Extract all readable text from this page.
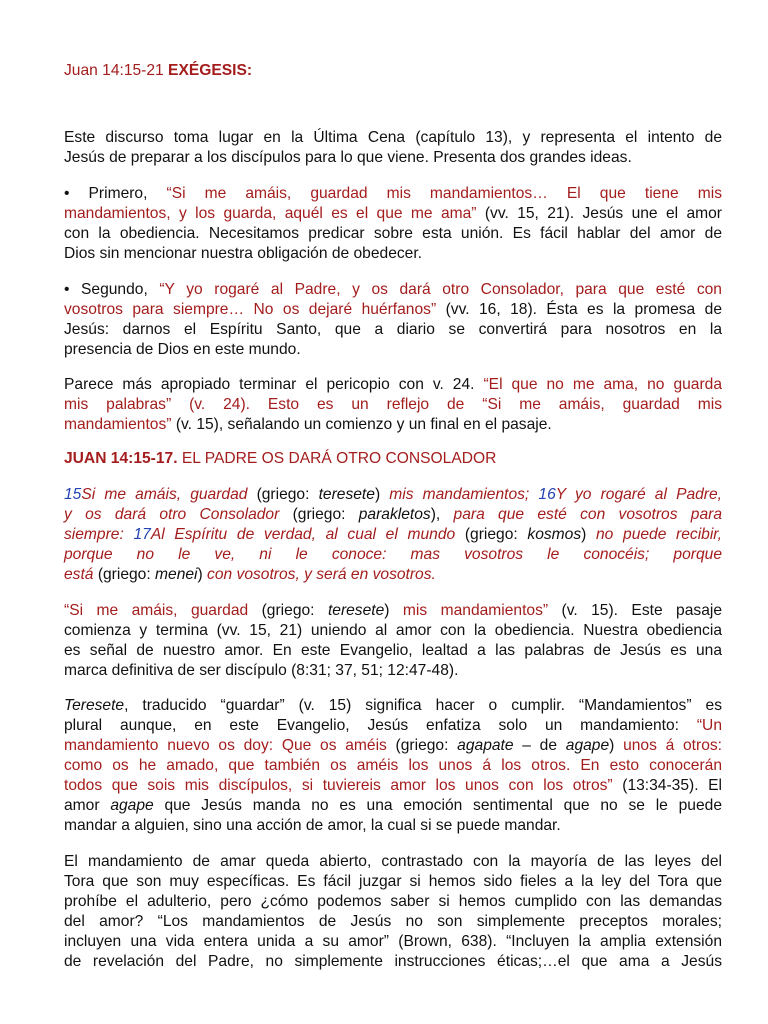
Juan 14:15-21 EXÉGESIS:

Este discurso toma lugar en la Última Cena (capítulo 13), y representa el intento de

Jesús de preparar a los discípulos para lo que viene. Presenta dos grandes ideas.

• Primero, “Si me amáis, guardad mis mandamientos… El que tiene mis

mandamientos, y los guarda, aquél es el que me ama” (vv. 15, 21). Jesús une el amor

con la obediencia. Necesitamos predicar sobre esta unión. Es fácil hablar del amor de

Dios sin mencionar nuestra obligación de obedecer.

• Segundo, “Y yo rogaré al Padre, y os dará otro Consolador, para que esté con

vosotros para siempre… No os dejaré huérfanos” (vv. 16, 18). Ésta es la promesa de

Jesús: darnos el Espíritu Santo, que a diario se convertirá para nosotros en la

presencia de Dios en este mundo.

Parece más apropiado terminar el pericopio con v. 24. “El que no me ama, no guarda

mis palabras” (v. 24). Esto es un reflejo de “Si me amáis, guardad mis

mandamientos” (v. 15), señalando un comienzo y un final en el pasaje.

JUAN 14:15-17. EL PADRE OS DARÁ OTRO CONSOLADOR

15Si me amáis, guardad (griego: teresete) mis mandamientos; 16Y yo rogaré al Padre,

y os dará otro Consolador (griego: parakletos), para que esté con vosotros para

siempre: 17Al Espíritu de verdad, al cual el mundo (griego: kosmos) no puede recibir,

porque no le ve, ni le conoce: mas vosotros le conocéis; porque

está (griego: menei) con vosotros, y será en vosotros.

“Si me amáis, guardad (griego: teresete) mis mandamientos” (v. 15). Este pasaje

comienza y termina (vv. 15, 21) uniendo al amor con la obediencia. Nuestra obediencia

es señal de nuestro amor. En este Evangelio, lealtad a las palabras de Jesús es una

marca definitiva de ser discípulo (8:31; 37, 51; 12:47-48).

Teresete, traducido “guardar” (v. 15) significa hacer o cumplir. “Mandamientos” es

plural aunque, en este Evangelio, Jesús enfatiza solo un mandamiento: “Un

mandamiento nuevo os doy: Que os améis (griego: agapate – de agape) unos á otros:

como os he amado, que también os améis los unos á los otros. En esto conocerán

todos que sois mis discípulos, si tuviereis amor los unos con los otros” (13:34-35). El

amor agape que Jesús manda no es una emoción sentimental que no se le puede

mandar a alguien, sino una acción de amor, la cual si se puede mandar.

El mandamiento de amar queda abierto, contrastado con la mayoría de las leyes del

Tora que son muy específicas. Es fácil juzgar si hemos sido fieles a la ley del Tora que

prohíbe el adulterio, pero ¿cómo podemos saber si hemos cumplido con las demandas

del amor? “Los mandamientos de Jesús no son simplemente preceptos morales;

incluyen una vida entera unida a su amor” (Brown, 638). “Incluyen la amplia extensión

de revelación del Padre, no simplemente instrucciones éticas;…el que ama a Jesús
